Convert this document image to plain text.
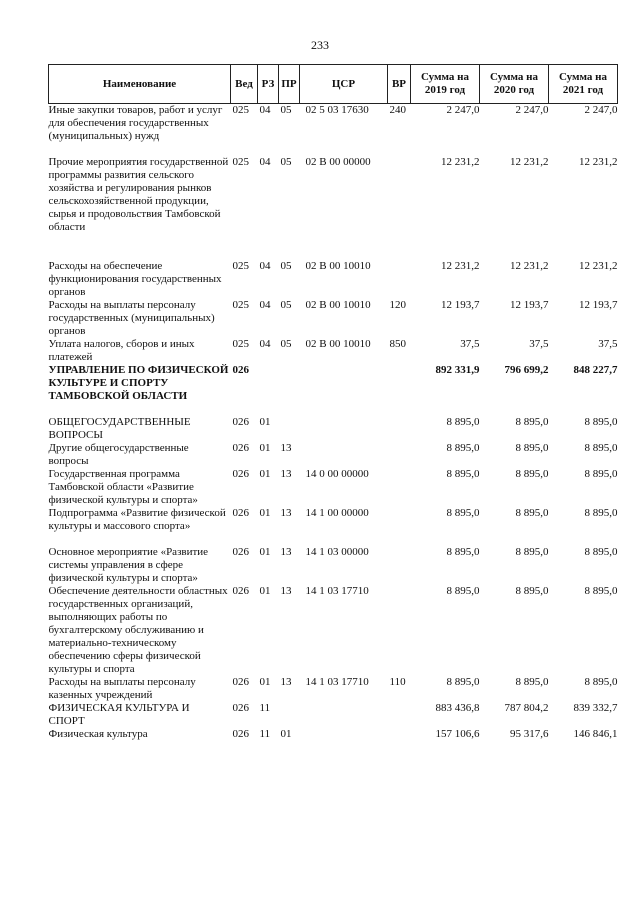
233
Наименование	Вед	РЗ	ПР	ЦСР	ВР	Сумма на 2019 год	Сумма на 2020 год	Сумма на 2021 год
Иные закупки товаров, работ и услуг для обеспечения государственных (муниципальных) нужд	025	04	05	02 5 03 17630	240	2 247,0	2 247,0	2 247,0
Прочие мероприятия государственной программы развития сельского хозяйства и регулирования рынков сельскохозяйственной продукции, сырья и продовольствия Тамбовской области	025	04	05	02 В 00 00000		12 231,2	12 231,2	12 231,2
Расходы на обеспечение функционирования государственных органов	025	04	05	02 В 00 10010		12 231,2	12 231,2	12 231,2
Расходы на выплаты персоналу государственных (муниципальных) органов	025	04	05	02 В 00 10010	120	12 193,7	12 193,7	12 193,7
Уплата налогов, сборов и иных платежей	025	04	05	02 В 00 10010	850	37,5	37,5	37,5
УПРАВЛЕНИЕ ПО ФИЗИЧЕСКОЙ КУЛЬТУРЕ И СПОРТУ ТАМБОВСКОЙ ОБЛАСТИ	026					892 331,9	796 699,2	848 227,7
ОБЩЕГОСУДАРСТВЕННЫЕ ВОПРОСЫ	026	01				8 895,0	8 895,0	8 895,0
Другие общегосударственные вопросы	026	01	13			8 895,0	8 895,0	8 895,0
Государственная программа Тамбовской области «Развитие физической культуры и спорта»	026	01	13	14 0 00 00000		8 895,0	8 895,0	8 895,0
Подпрограмма «Развитие физической культуры и массового спорта»	026	01	13	14 1 00 00000		8 895,0	8 895,0	8 895,0
Основное мероприятие «Развитие системы управления в сфере физической культуры и спорта»	026	01	13	14 1 03 00000		8 895,0	8 895,0	8 895,0
Обеспечение деятельности областных государственных организаций, выполняющих работы по бухгалтерскому обслуживанию и материально-техническому обеспечению сферы физической культуры и спорта	026	01	13	14 1 03 17710		8 895,0	8 895,0	8 895,0
Расходы на выплаты персоналу казенных учреждений	026	01	13	14 1 03 17710	110	8 895,0	8 895,0	8 895,0
ФИЗИЧЕСКАЯ КУЛЬТУРА И СПОРТ	026	11				883 436,8	787 804,2	839 332,7
Физическая культура	026	11	01			157 106,6	95 317,6	146 846,1
